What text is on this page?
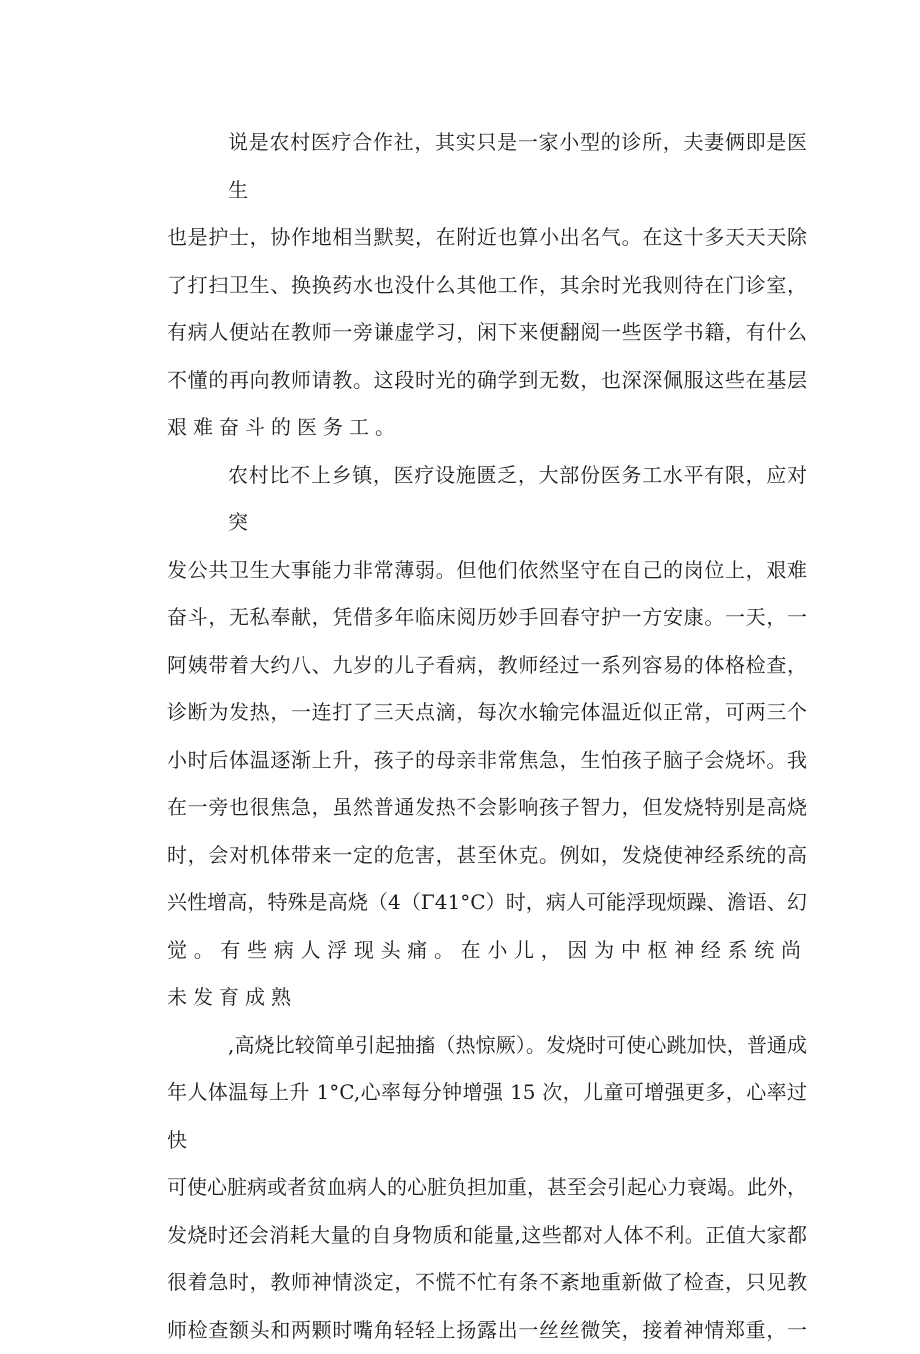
说是农村医疗合作社，其实只是一家小型的诊所，夫妻俩即是医生
也是护士，协作地相当默契，在附近也算小出名气。在这十多天天天除
了打扫卫生、换换药水也没什么其他工作，其余时光我则待在门诊室，
有病人便站在教师一旁谦虚学习，闲下来便翻阅一些医学书籍，有什么
不懂的再向教师请教。这段时光的确学到无数，也深深佩服这些在基层
艰难奋斗的医务工。
农村比不上乡镇，医疗设施匮乏，大部份医务工水平有限，应对突
发公共卫生大事能力非常薄弱。但他们依然坚守在自己的岗位上，艰难
奋斗，无私奉献，凭借多年临床阅历妙手回春守护一方安康。一天，一
阿姨带着大约八、九岁的儿子看病，教师经过一系列容易的体格检查，
诊断为发热，一连打了三天点滴，每次水输完体温近似正常，可两三个
小时后体温逐渐上升，孩子的母亲非常焦急，生怕孩子脑子会烧坏。我
在一旁也很焦急，虽然普通发热不会影响孩子智力，但发烧特别是高烧
时，会对机体带来一定的危害，甚至休克。例如，发烧使神经系统的高
兴性增高，特殊是高烧（4（Γ41°C）时，病人可能浮现烦躁、澹语、幻
觉。有些病人浮现头痛。在小儿，因为中枢神经系统尚未发育成熟
,高烧比较简单引起抽搐（热惊厥）。发烧时可使心跳加快，普通成
年人体温每上升 1°C,心率每分钟增强 15 次，儿童可增强更多，心率过快
可使心脏病或者贫血病人的心脏负担加重，甚至会引起心力衰竭。此外，
发烧时还会消耗大量的自身物质和能量,这些都对人体不利。正值大家都
很着急时，教师神情淡定，不慌不忙有条不紊地重新做了检查，只见教
师检查额头和两颗时嘴角轻轻上扬露出一丝丝微笑，接着神情郑重，一
